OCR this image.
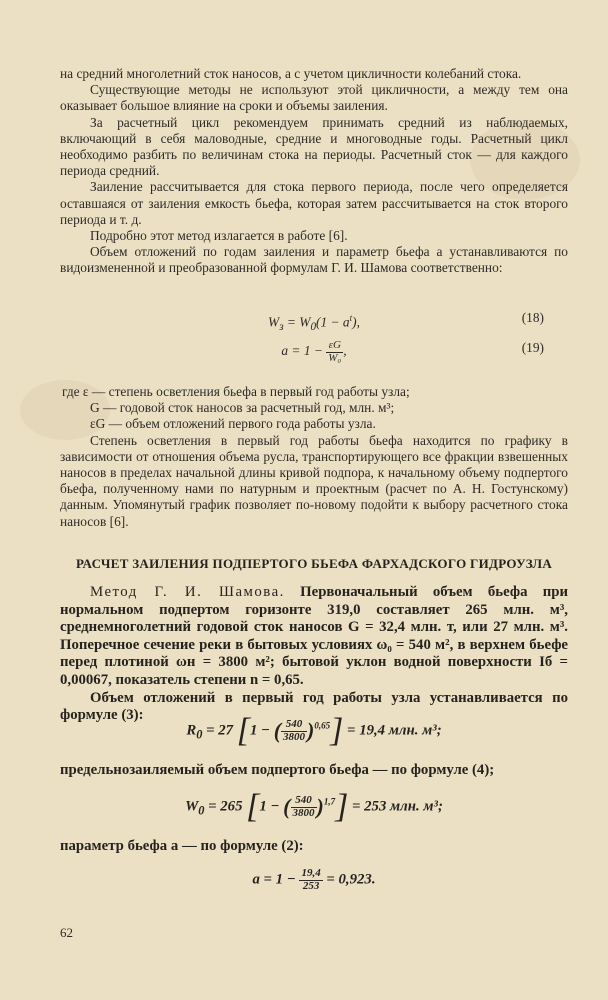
на средний многолетний сток наносов, а с учетом цикличности колебаний стока.

Существующие методы не используют этой цикличности, а между тем она оказывает большое влияние на сроки и объемы заиления.

За расчетный цикл рекомендуем принимать средний из наблюдаемых, включающий в себя маловодные, средние и многоводные годы. Расчетный цикл необходимо разбить по величинам стока на периоды. Расчетный сток — для каждого периода средний.

Заиление рассчитывается для стока первого периода, после чего определяется оставшаяся от заиления емкость бьефа, которая затем рассчитывается на сток второго периода и т. д.

Подробно этот метод излагается в работе [6].

Объем отложений по годам заиления и параметр бьефа a устанавливаются по видоизмененной и преобразованной формулам Г. И. Шамова соответственно:

$W_з = W_0(1 - a^t)$,	(18)
$a = 1 - \frac{\varepsilon G}{\text{W₀}}$ ,	(19)

где ε — степень осветления бьефа в первый год работы узла;

G — годовой сток наносов за расчетный год, млн. м³;

εG — объем отложений первого года работы узла.

Степень осветления в первый год работы бьефа находится по графику в зависимости от отношения объема русла, транспортирующего все фракции взвешенных наносов в пределах начальной длины кривой подпора, к начальному объему подпертого бьефа, полученному нами по натурным и проектным (расчет по А. Н. Гостунскому) данным. Упомянутый график позволяет по-новому подойти к выбору расчетного стока наносов [6].

РАСЧЕТ ЗАИЛЕНИЯ ПОДПЕРТОГО БЬЕФА ФАРХАДСКОГО ГИДРОУЗЛА

Метод Г. И. Шамова. Первоначальный объем бьефа при нормальном подпертом горизонте 319,0 составляет 265 млн. м³, среднемноголетний годовой сток наносов G = 32,4 млн. т, или 27 млн. м³. Поперечное сечение реки в бытовых условиях ω₀ = 540 м², в верхнем бьефе перед плотиной ωн = 3800 м²; бытовой уклон водной поверхности Iб = 0,00067, показатель степени n = 0,65.

Объем отложений в первый год работы узла устанавливается по формуле (3):

$R_0 = 27$ [1 − ( $\frac{540}{3800} )^{0,65}] = 19,4$ млн. м³;

предельнозаиляемый объем подпертого бьефа — по формуле (4);

$W_0 = 265$ [1 − ( $\frac{540}{3800} )^{1,7}] = 253$ млн. м³;

параметр бьефа a — по формуле (2):

$a = 1 - \frac{19,4}{253} = 0,923$.
62
